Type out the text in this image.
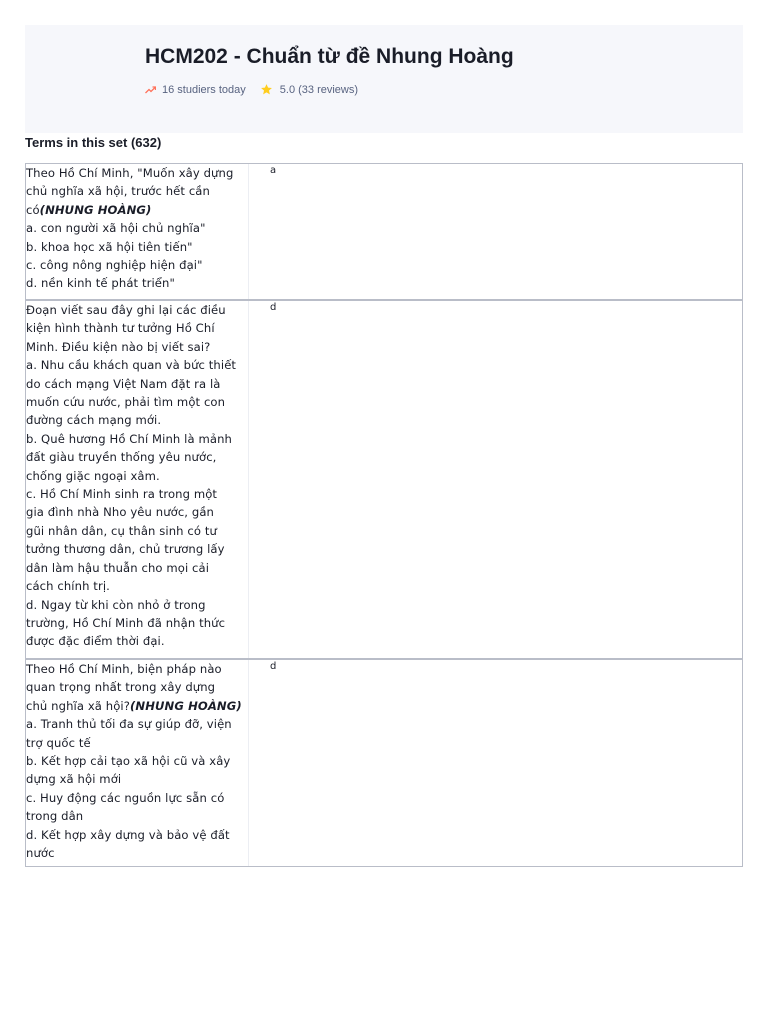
HCM202 - Chuẩn từ đề Nhung Hoàng
16 studiers today	5.0 (33 reviews)
Terms in this set (632)
Theo Hồ Chí Minh, "Muốn xây dựng
chủ nghĩa xã hội, trước hết cần
có(NHUNG HOÀNG)
a. con người xã hội chủ nghĩa"
b. khoa học xã hội tiên tiến"
c. công nông nghiệp hiện đại"
d. nền kinh tế phát triển"
a
Đoạn viết sau đây ghi lại các điều
kiện hình thành tư tưởng Hồ Chí
Minh. Điều kiện nào bị viết sai?
a. Nhu cầu khách quan và bức thiết
do cách mạng Việt Nam đặt ra là
muốn cứu nước, phải tìm một con
đường cách mạng mới.
b. Quê hương Hồ Chí Minh là mảnh
đất giàu truyền thống yêu nước,
chống giặc ngoại xâm.
c. Hồ Chí Minh sinh ra trong một
gia đình nhà Nho yêu nước, gần
gũi nhân dân, cụ thân sinh có tư
tưởng thương dân, chủ trương lấy
dân làm hậu thuẫn cho mọi cải
cách chính trị.
d. Ngay từ khi còn nhỏ ở trong
trường, Hồ Chí Minh đã nhận thức
được đặc điểm thời đại.
d
Theo Hồ Chí Minh, biện pháp nào
quan trọng nhất trong xây dựng
chủ nghĩa xã hội?(NHUNG HOÀNG)
a. Tranh thủ tối đa sự giúp đỡ, viện
trợ quốc tế
b. Kết hợp cải tạo xã hội cũ và xây
dựng xã hội mới
c. Huy động các nguồn lực sẵn có
trong dân
d. Kết hợp xây dựng và bảo vệ đất
nước
d
